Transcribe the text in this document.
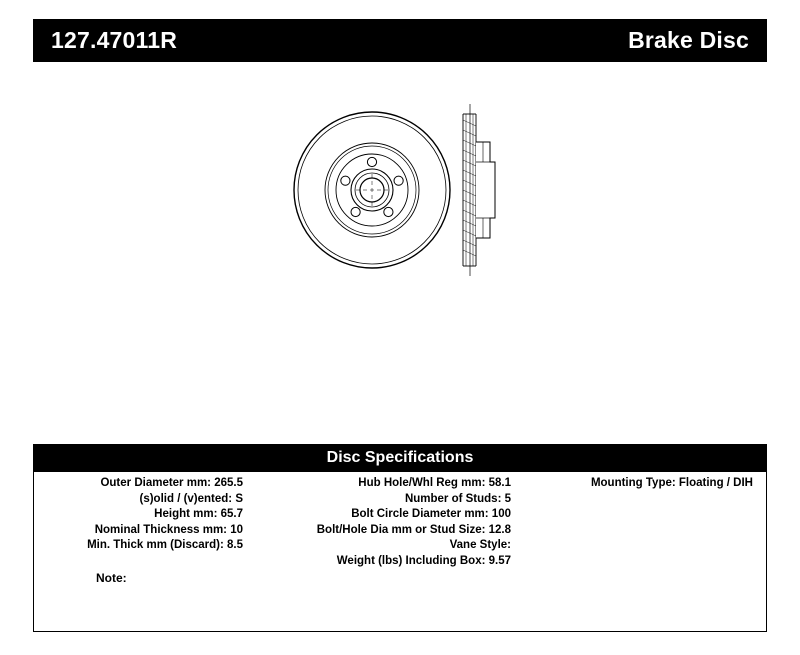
127.47011R	Brake Disc
Disc Specifications
Outer Diameter mm: 265.5
(s)olid / (v)ented: S
Height mm: 65.7
Nominal Thickness mm: 10
Min. Thick mm (Discard): 8.5
Hub Hole/Whl Reg mm: 58.1
Number of Studs: 5
Bolt Circle Diameter mm: 100
Bolt/Hole Dia mm or Stud Size: 12.8
Vane Style:
Weight (lbs) Including Box: 9.57
Mounting Type: Floating / DIH
Note:
